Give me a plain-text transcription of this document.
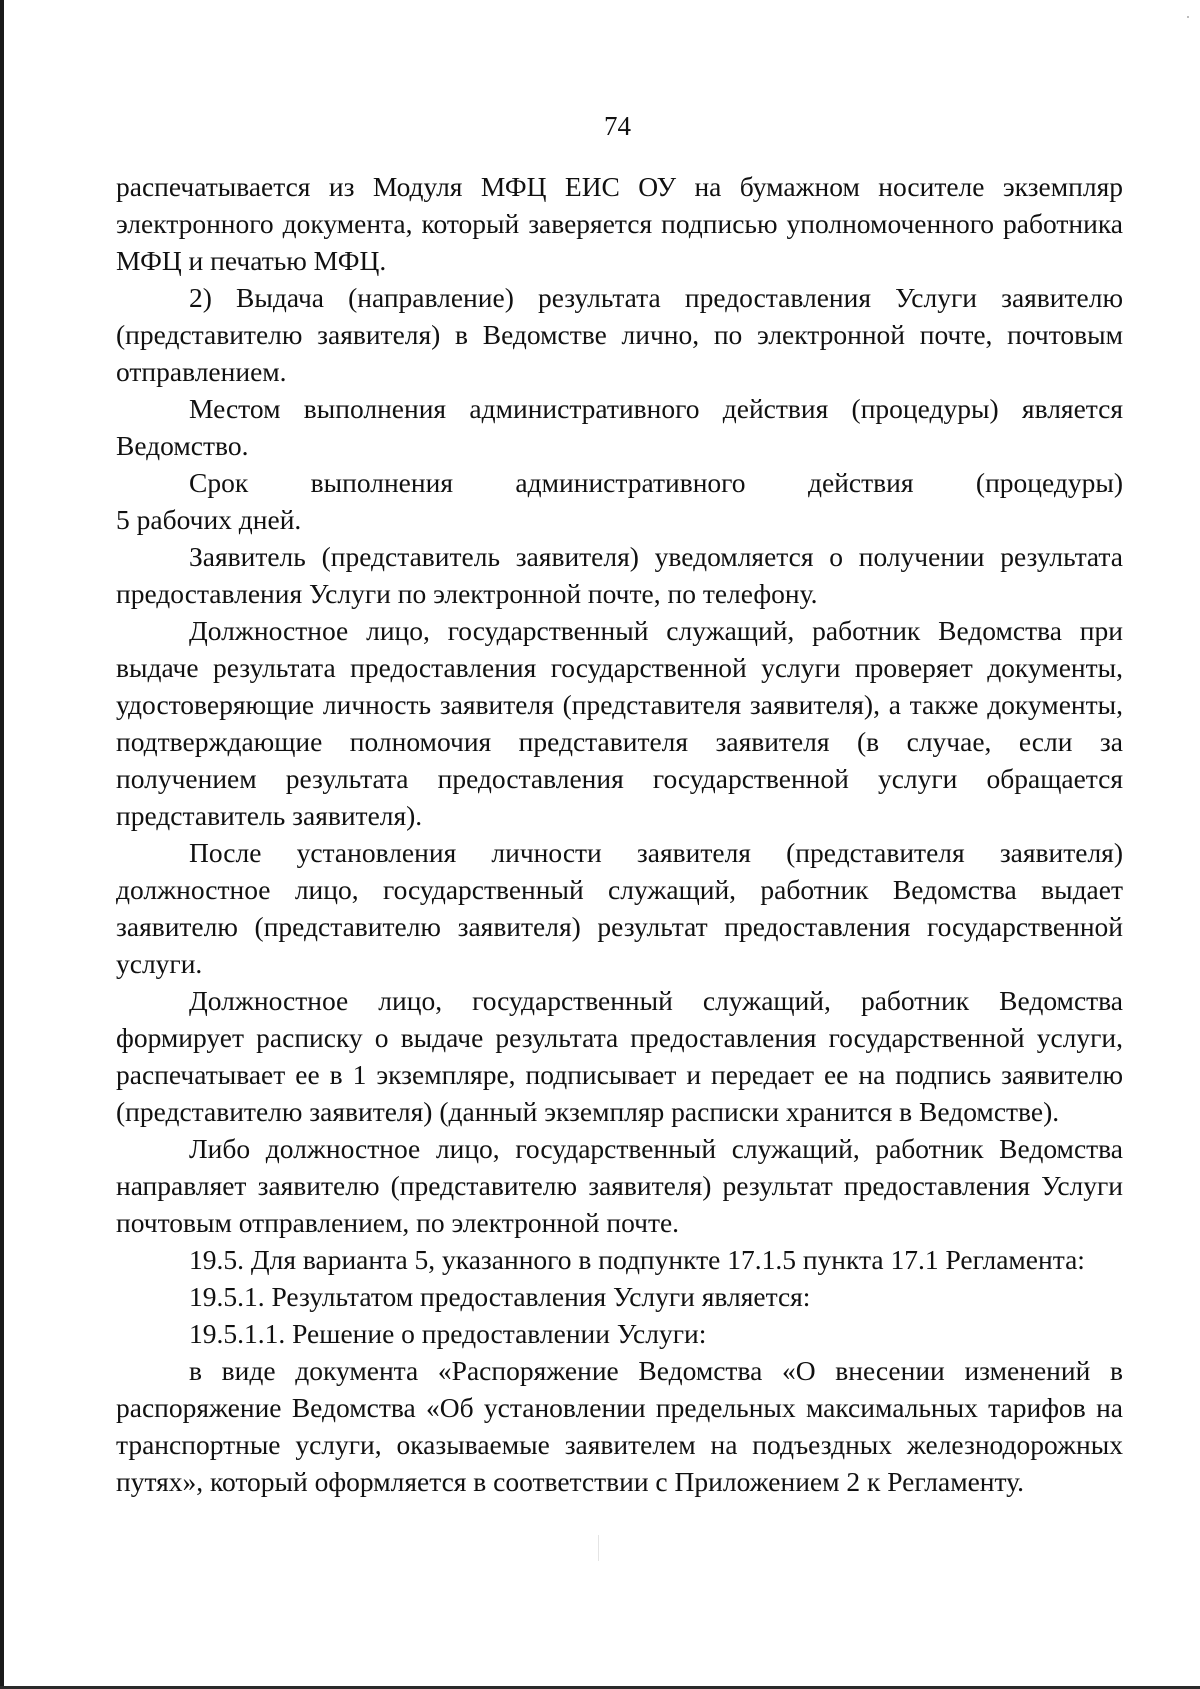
74

распечатывается из Модуля МФЦ ЕИС ОУ на бумажном носителе экземпляр электронного документа, который заверяется подписью уполномоченного работника МФЦ и печатью МФЦ.

2) Выдача (направление) результата предоставления Услуги заявителю (представителю заявителя) в Ведомстве лично, по электронной почте, почтовым отправлением.

Местом выполнения административного действия (процедуры) является Ведомство.

Срок выполнения административного действия (процедуры)

5 рабочих дней.

Заявитель (представитель заявителя) уведомляется о получении результата предоставления Услуги по электронной почте, по телефону.

Должностное лицо, государственный служащий, работник Ведомства при выдаче результата предоставления государственной услуги проверяет документы, удостоверяющие личность заявителя (представителя заявителя), а также документы, подтверждающие полномочия представителя заявителя (в случае, если за получением результата предоставления государственной услуги обращается представитель заявителя).

После установления личности заявителя (представителя заявителя) должностное лицо, государственный служащий, работник Ведомства выдает заявителю (представителю заявителя) результат предоставления государственной услуги.

Должностное лицо, государственный служащий, работник Ведомства формирует расписку о выдаче результата предоставления государственной услуги, распечатывает ее в 1 экземпляре, подписывает и передает ее на подпись заявителю (представителю заявителя) (данный экземпляр расписки хранится в Ведомстве).

Либо должностное лицо, государственный служащий, работник Ведомства направляет заявителю (представителю заявителя) результат предоставления Услуги почтовым отправлением, по электронной почте.

19.5. Для варианта 5, указанного в подпункте 17.1.5 пункта 17.1 Регламента:

19.5.1. Результатом предоставления Услуги является:

19.5.1.1. Решение о предоставлении Услуги:

в виде документа «Распоряжение Ведомства «О внесении изменений в распоряжение Ведомства «Об установлении предельных максимальных тарифов на транспортные услуги, оказываемые заявителем на подъездных железнодорожных путях», который оформляется в соответствии с Приложением 2 к Регламенту.
